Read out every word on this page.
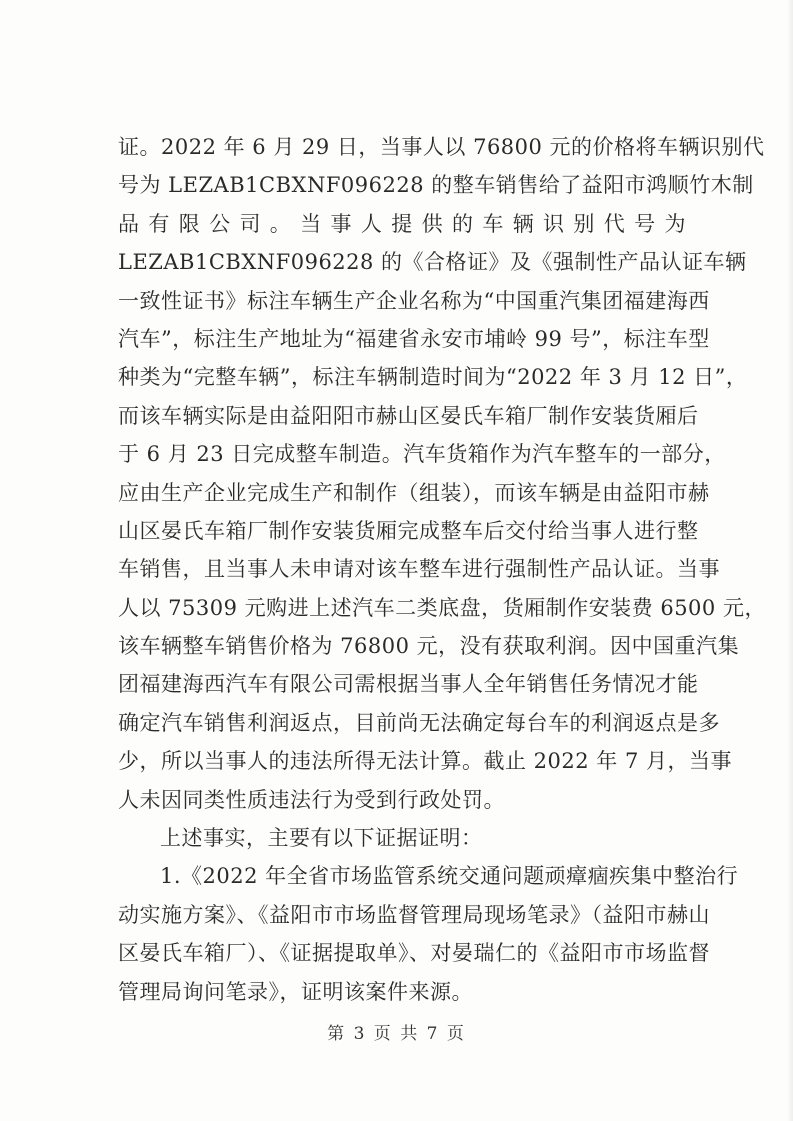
证。2022 年 6 月 29 日，当事人以 76800 元的价格将车辆识别代
号为 LEZAB1CBXNF096228 的整车销售给了益阳市鸿顺竹木制
品有限公司。当事人提供的车辆识别代号为
LEZAB1CBXNF096228 的《合格证》及《强制性产品认证车辆
一致性证书》标注车辆生产企业名称为“中国重汽集团福建海西
汽车”，标注生产地址为“福建省永安市埔岭 99 号”，标注车型
种类为“完整车辆”，标注车辆制造时间为“2022 年 3 月 12 日”，
而该车辆实际是由益阳阳市赫山区晏氏车箱厂制作安装货厢后
于 6 月 23 日完成整车制造。汽车货箱作为汽车整车的一部分，
应由生产企业完成生产和制作（组装），而该车辆是由益阳市赫
山区晏氏车箱厂制作安装货厢完成整车后交付给当事人进行整
车销售，且当事人未申请对该车整车进行强制性产品认证。当事
人以 75309 元购进上述汽车二类底盘，货厢制作安装费 6500 元，
该车辆整车销售价格为 76800 元，没有获取利润。因中国重汽集
团福建海西汽车有限公司需根据当事人全年销售任务情况才能
确定汽车销售利润返点，目前尚无法确定每台车的利润返点是多
少，所以当事人的违法所得无法计算。截止 2022 年 7 月，当事
人未因同类性质违法行为受到行政处罚。
上述事实，主要有以下证据证明：
1.《2022 年全省市场监管系统交通问题顽瘴痼疾集中整治行
动实施方案》、《益阳市市场监督管理局现场笔录》（益阳市赫山
区晏氏车箱厂）、《证据提取单》、对晏瑞仁的《益阳市市场监督
管理局询问笔录》，证明该案件来源。
第 3 页 共 7 页
